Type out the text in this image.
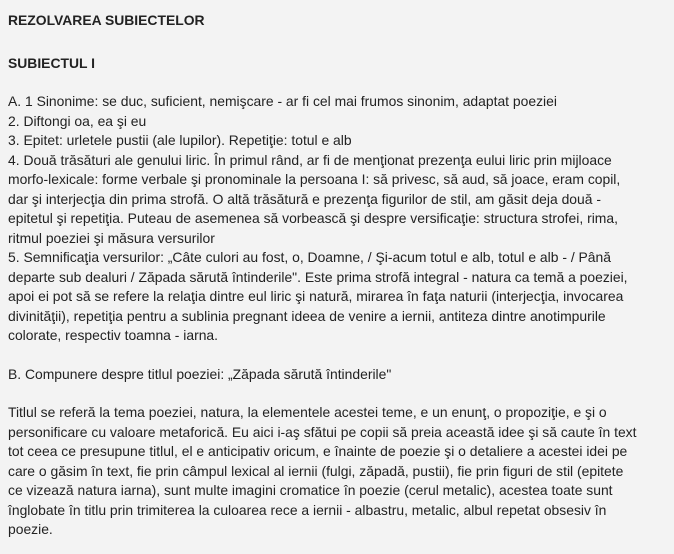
REZOLVAREA SUBIECTELOR
SUBIECTUL I
A. 1 Sinonime: se duc, suficient, nemişcare - ar fi cel mai frumos sinonim, adaptat poeziei
2. Diftongi oa, ea şi eu
3. Epitet: urletele pustii (ale lupilor). Repetiţie: totul e alb
4. Două trăsături ale genului liric. În primul rând, ar fi de menţionat prezenţa eului liric prin mijloace
morfo-lexicale: forme verbale şi pronominale la persoana I: să privesc, să aud, să joace, eram copil,
dar şi interjecţia din prima strofă. O altă trăsătură e prezenţa figurilor de stil, am găsit deja două -
epitetul şi repetiţia. Puteau de asemenea să vorbească şi despre versificaţie: structura strofei, rima,
ritmul poeziei şi măsura versurilor
5. Semnificaţia versurilor: „Câte culori au fost, o, Doamne, / Şi-acum totul e alb, totul e alb - / Până
departe sub dealuri / Zăpada sărută întinderile". Este prima strofă integral - natura ca temă a poeziei,
apoi ei pot să se refere la relaţia dintre eul liric şi natură, mirarea în faţa naturii (interjecţia, invocarea
divinităţii), repetiţia pentru a sublinia pregnant ideea de venire a iernii, antiteza dintre anotimpurile
colorate, respectiv toamna - iarna.
B. Compunere despre titlul poeziei: „Zăpada sărută întinderile"
Titlul se referă la tema poeziei, natura, la elementele acestei teme, e un enunţ, o propoziţie, e şi o
personificare cu valoare metaforică. Eu aici i-aş sfătui pe copii să preia această idee şi să caute în text
tot ceea ce presupune titlul, el e anticipativ oricum, e înainte de poezie şi o detaliere a acestei idei pe
care o găsim în text, fie prin câmpul lexical al iernii (fulgi, zăpadă, pustii), fie prin figuri de stil (epitete
ce vizează natura iarna), sunt multe imagini cromatice în poezie (cerul metalic), acestea toate sunt
înglobate în titlu prin trimiterea la culoarea rece a iernii - albastru, metalic, albul repetat obsesiv în
poezie.
